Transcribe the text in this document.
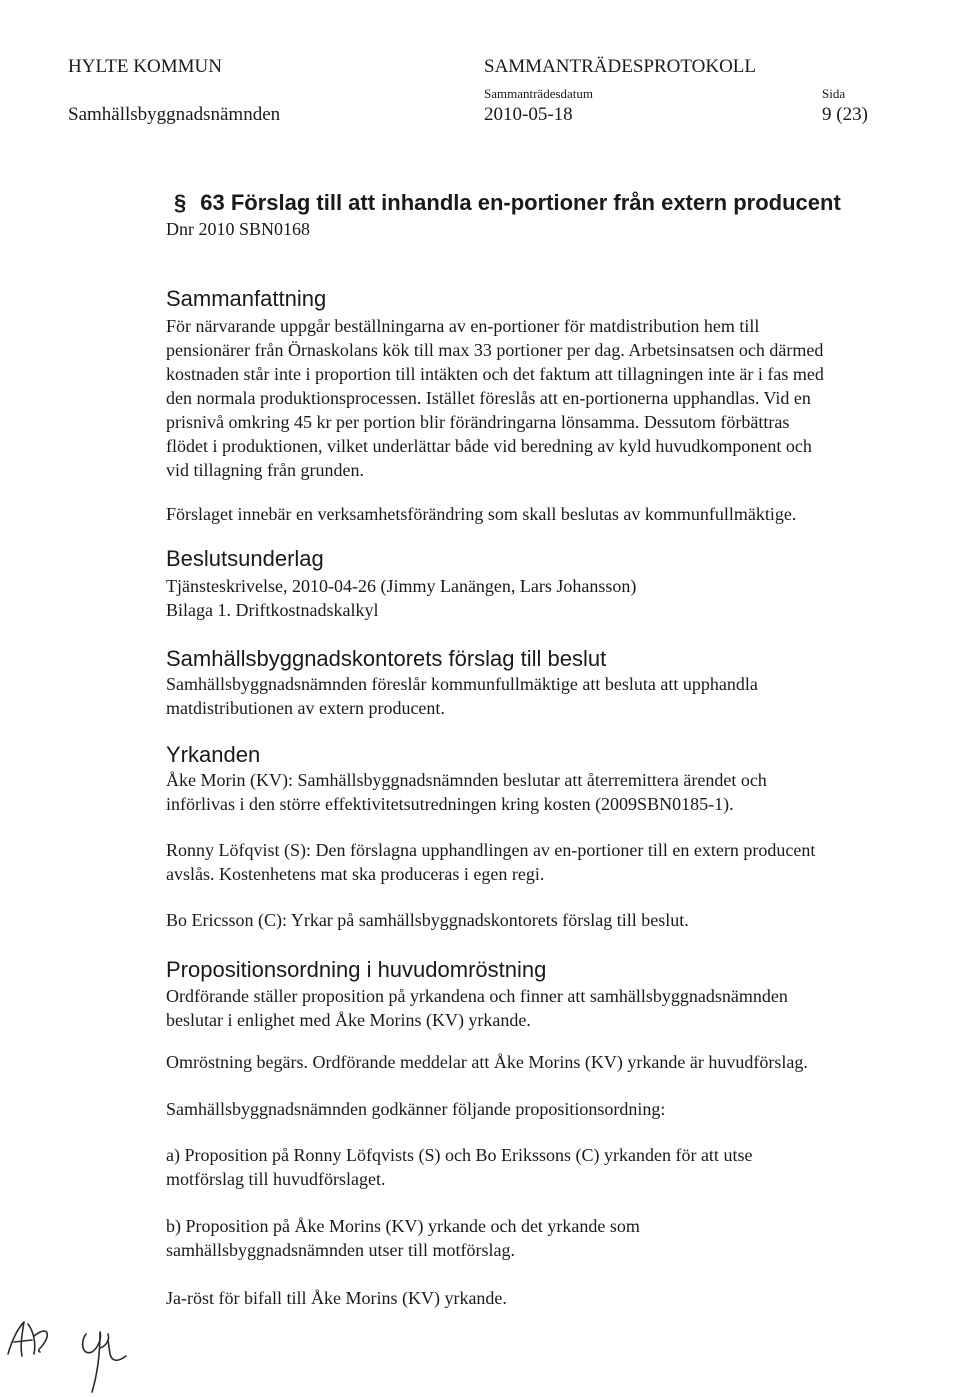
HYLTE KOMMUN	SAMMANTRÄDESPROTOKOLL
Sammanträdesdatum	Sida
Samhällsbyggnadsnämnden	2010-05-18	9 (23)
§ 63 Förslag till att inhandla en-portioner från extern producent
Dnr 2010 SBN0168
Sammanfattning
För närvarande uppgår beställningarna av en-portioner för matdistribution hem till
pensionärer från Örnaskolans kök till max 33 portioner per dag. Arbetsinsatsen och därmed
kostnaden står inte i proportion till intäkten och det faktum att tillagningen inte är i fas med
den normala produktionsprocessen. Istället föreslås att en-portionerna upphandlas. Vid en
prisnivå omkring 45 kr per portion blir förändringarna lönsamma. Dessutom förbättras
flödet i produktionen, vilket underlättar både vid beredning av kyld huvudkomponent och
vid tillagning från grunden.
Förslaget innebär en verksamhetsförändring som skall beslutas av kommunfullmäktige.
Beslutsunderlag
Tjänsteskrivelse, 2010-04-26 (Jimmy Lanängen, Lars Johansson)
Bilaga 1. Driftkostnadskalkyl
Samhällsbyggnadskontorets förslag till beslut
Samhällsbyggnadsnämnden föreslår kommunfullmäktige att besluta att upphandla
matdistributionen av extern producent.
Yrkanden
Åke Morin (KV): Samhällsbyggnadsnämnden beslutar att återremittera ärendet och
införlivas i den större effektivitetsutredningen kring kosten (2009SBN0185-1).
Ronny Löfqvist (S): Den förslagna upphandlingen av en-portioner till en extern producent
avslås. Kostenhetens mat ska produceras i egen regi.
Bo Ericsson (C): Yrkar på samhällsbyggnadskontorets förslag till beslut.
Propositionsordning i huvudomröstning
Ordförande ställer proposition på yrkandena och finner att samhällsbyggnadsnämnden
beslutar i enlighet med Åke Morins (KV) yrkande.
Omröstning begärs. Ordförande meddelar att Åke Morins (KV) yrkande är huvudförslag.
Samhällsbyggnadsnämnden godkänner följande propositionsordning:
a) Proposition på Ronny Löfqvists (S) och Bo Erikssons (C) yrkanden för att utse
motförslag till huvudförslaget.
b) Proposition på Åke Morins (KV) yrkande och det yrkande som
samhällsbyggnadsnämnden utser till motförslag.
Ja-röst för bifall till Åke Morins (KV) yrkande.
